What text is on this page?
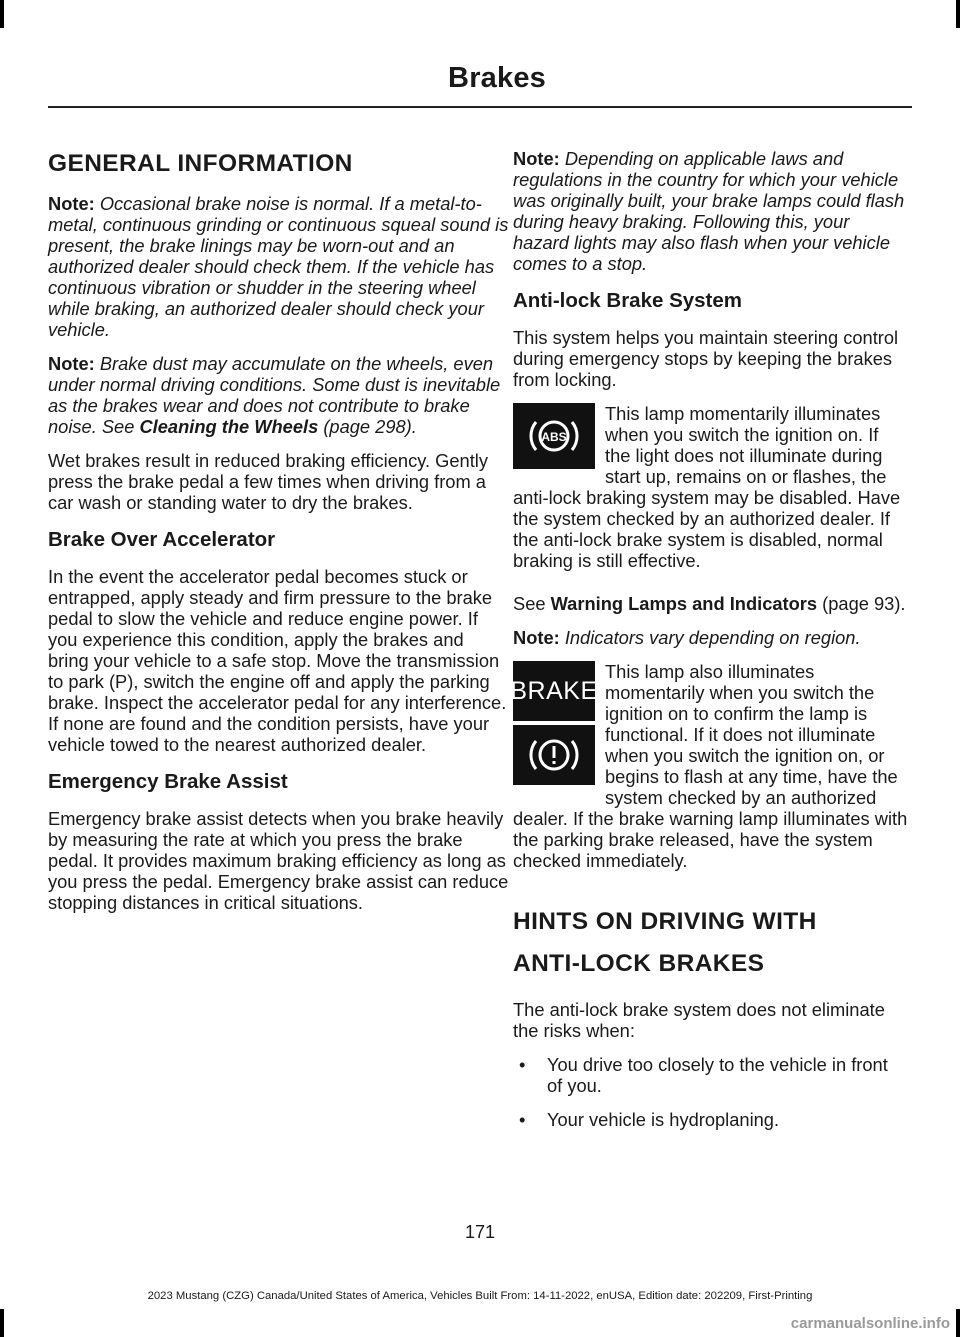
Brakes
GENERAL INFORMATION

Note: Occasional brake noise is normal. If a metal-to-metal, continuous grinding or continuous squeal sound is present, the brake linings may be worn-out and an authorized dealer should check them. If the vehicle has continuous vibration or shudder in the steering wheel while braking, an authorized dealer should check your vehicle.

Note: Brake dust may accumulate on the wheels, even under normal driving conditions. Some dust is inevitable as the brakes wear and does not contribute to brake noise. See Cleaning the Wheels (page 298).

Wet brakes result in reduced braking efficiency. Gently press the brake pedal a few times when driving from a car wash or standing water to dry the brakes.

Brake Over Accelerator

In the event the accelerator pedal becomes stuck or entrapped, apply steady and firm pressure to the brake pedal to slow the vehicle and reduce engine power. If you experience this condition, apply the brakes and bring your vehicle to a safe stop. Move the transmission to park (P), switch the engine off and apply the parking brake. Inspect the accelerator pedal for any interference. If none are found and the condition persists, have your vehicle towed to the nearest authorized dealer.

Emergency Brake Assist

Emergency brake assist detects when you brake heavily by measuring the rate at which you press the brake pedal. It provides maximum braking efficiency as long as you press the pedal. Emergency brake assist can reduce stopping distances in critical situations.

Note: Depending on applicable laws and regulations in the country for which your vehicle was originally built, your brake lamps could flash during heavy braking. Following this, your hazard lights may also flash when your vehicle comes to a stop.

Anti-lock Brake System

This system helps you maintain steering control during emergency stops by keeping the brakes from locking.

ABS

This lamp momentarily illuminates when you switch the ignition on. If the light does not illuminate during start up, remains on or flashes, the anti-lock braking system may be disabled. Have the system checked by an authorized dealer. If the anti-lock brake system is disabled, normal braking is still effective.

See Warning Lamps and Indicators (page 93).

Note: Indicators vary depending on region.

BRAKE

This lamp also illuminates momentarily when you switch the ignition on to confirm the lamp is functional. If it does not illuminate when you switch the ignition on, or begins to flash at any time, have the system checked by an authorized dealer. If the brake warning lamp illuminates with the parking brake released, have the system checked immediately.

HINTS ON DRIVING WITH
ANTI-LOCK BRAKES

The anti-lock brake system does not eliminate the risks when:

• You drive too closely to the vehicle in front of you.
• Your vehicle is hydroplaning.
171
2023 Mustang (CZG) Canada/United States of America, Vehicles Built From: 14-11-2022, enUSA, Edition date: 202209, First-Printing
carmanualsonline.info
